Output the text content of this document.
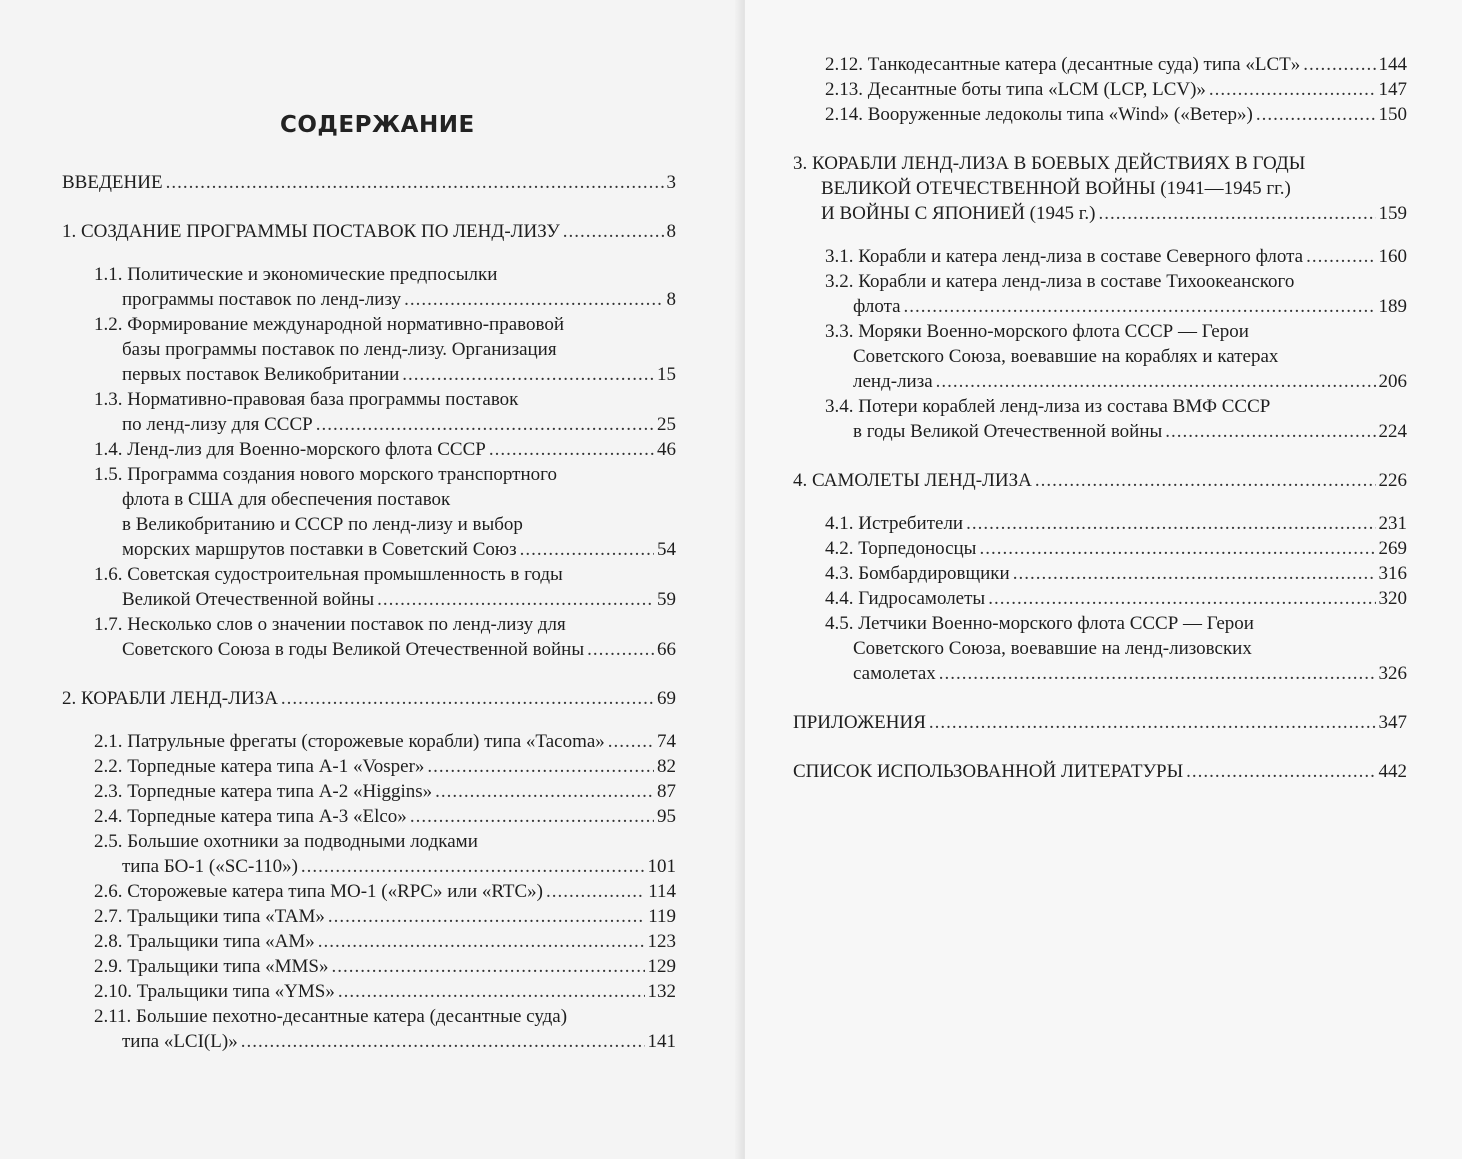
СОДЕРЖАНИЕ
ВВЕДЕНИЕ .....	3
1. СОЗДАНИЕ ПРОГРАММЫ ПОСТАВОК ПО ЛЕНД-ЛИЗУ .....	8
1.1. Политические и экономические предпосылки
программы поставок по ленд-лизу .....	8
1.2. Формирование международной нормативно-правовой
базы программы поставок по ленд-лизу. Организация
первых поставок Великобритании .....	15
1.3. Нормативно-правовая база программы поставок
по ленд-лизу для СССР .....	25
1.4. Ленд-лиз для Военно-морского флота СССР .....	46
1.5. Программа создания нового морского транспортного
флота в США для обеспечения поставок
в Великобританию и СССР по ленд-лизу и выбор
морских маршрутов поставки в Советский Союз .....	54
1.6. Советская судостроительная промышленность в годы
Великой Отечественной войны .....	59
1.7. Несколько слов о значении поставок по ленд-лизу для
Советского Союза в годы Великой Отечественной войны .....	66
2. КОРАБЛИ ЛЕНД-ЛИЗА .....	69
2.1. Патрульные фрегаты (сторожевые корабли) типа «Tacoma» .....	74
2.2. Торпедные катера типа А-1 «Vosper» .....	82
2.3. Торпедные катера типа А-2 «Higgins» .....	87
2.4. Торпедные катера типа А-3 «Elco» .....	95
2.5. Большие охотники за подводными лодками
типа БО-1 («SC-110») .....	101
2.6. Сторожевые катера типа МО-1 («RPC» или «RTC») .....	114
2.7. Тральщики типа «TAM» .....	119
2.8. Тральщики типа «AM» .....	123
2.9. Тральщики типа «MMS» .....	129
2.10. Тральщики типа «YMS» .....	132
2.11. Большие пехотно-десантные катера (десантные суда)
типа «LCI(L)» .....	141
2.12. Танкодесантные катера (десантные суда) типа «LCT» .....	144
2.13. Десантные боты типа «LCM (LCP, LCV)» .....	147
2.14. Вооруженные ледоколы типа «Wind» («Ветер») .....	150
3. КОРАБЛИ ЛЕНД-ЛИЗА В БОЕВЫХ ДЕЙСТВИЯХ В ГОДЫ
ВЕЛИКОЙ ОТЕЧЕСТВЕННОЙ ВОЙНЫ (1941—1945 гг.)
И ВОЙНЫ С ЯПОНИЕЙ (1945 г.) .....	159
3.1. Корабли и катера ленд-лиза в составе Северного флота .....	160
3.2. Корабли и катера ленд-лиза в составе Тихоокеанского
флота .....	189
3.3. Моряки Военно-морского флота СССР — Герои
Советского Союза, воевавшие на кораблях и катерах
ленд-лиза .....	206
3.4. Потери кораблей ленд-лиза из состава ВМФ СССР
в годы Великой Отечественной войны .....	224
4. САМОЛЕТЫ ЛЕНД-ЛИЗА .....	226
4.1. Истребители .....	231
4.2. Торпедоносцы .....	269
4.3. Бомбардировщики .....	316
4.4. Гидросамолеты .....	320
4.5. Летчики Военно-морского флота СССР — Герои
Советского Союза, воевавшие на ленд-лизовских
самолетах .....	326
ПРИЛОЖЕНИЯ .....	347
СПИСОК ИСПОЛЬЗОВАННОЙ ЛИТЕРАТУРЫ .....	442
